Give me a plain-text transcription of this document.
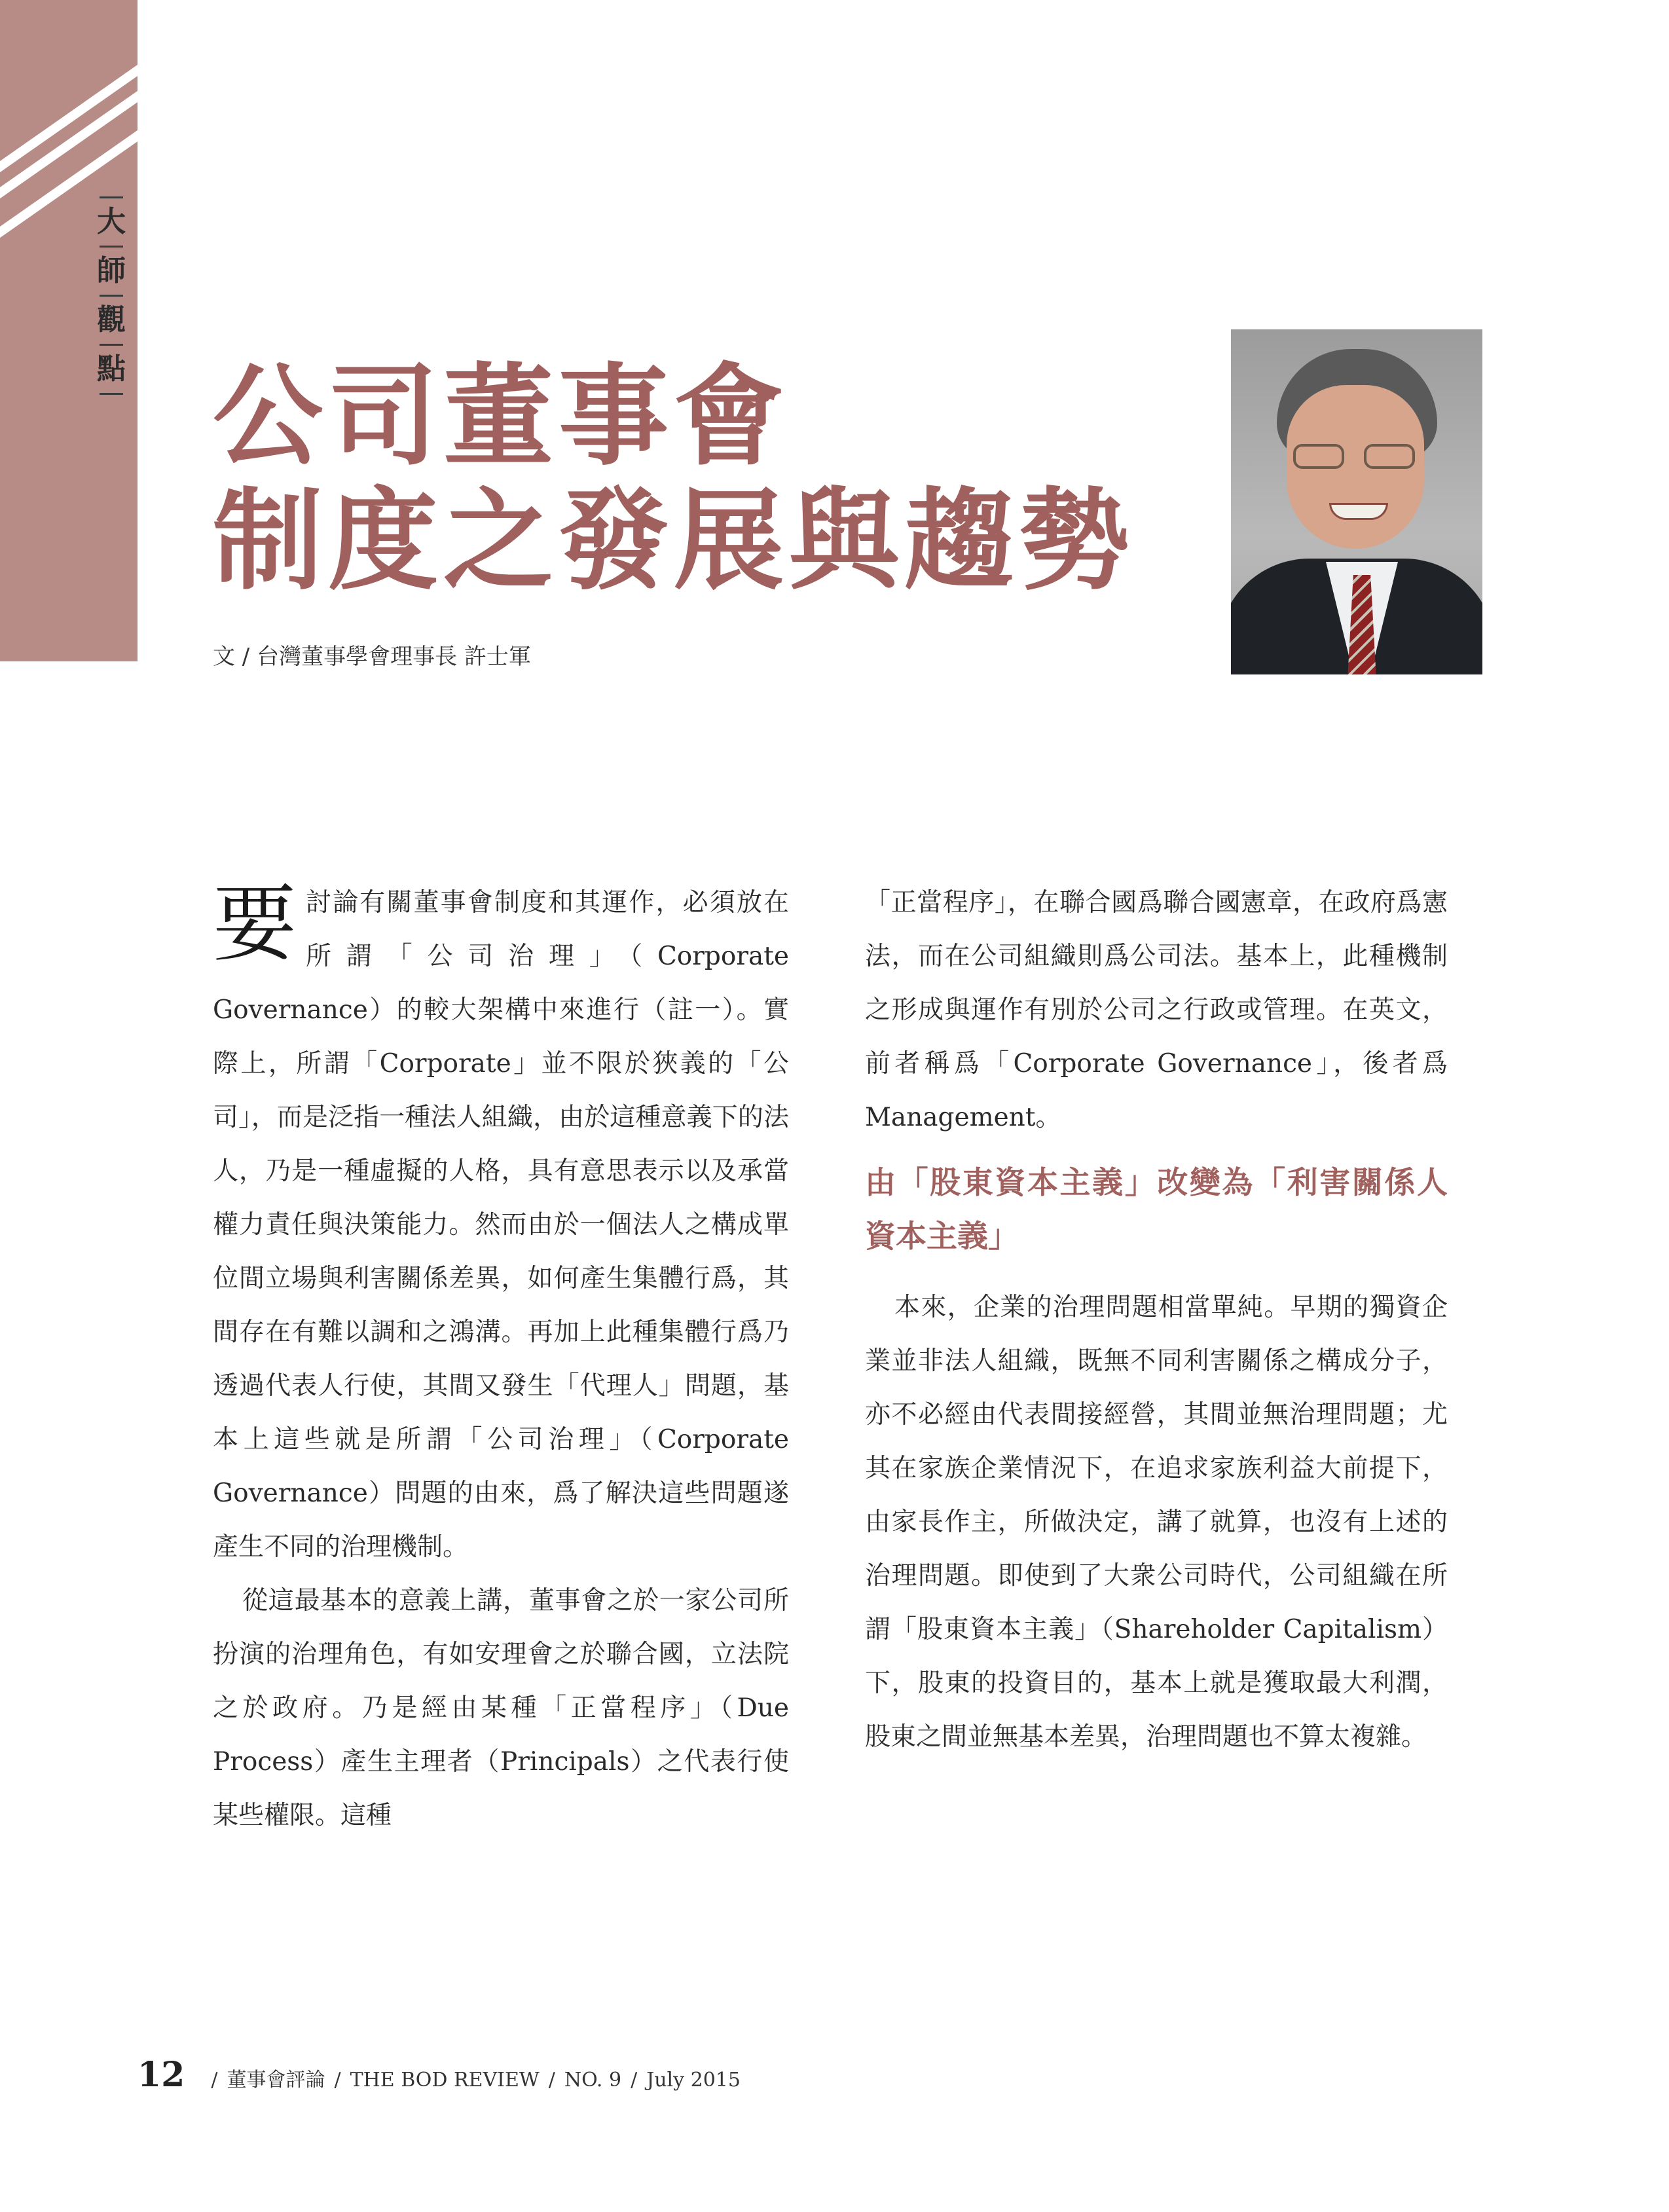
大
師
觀
點 公司董事會
制度之發展與趨勢
文 / 台灣董事學會理事長 許士軍

要討論有關董事會制度和其運作，必須放在所謂「公司治理」（Corporate Governance）的較大架構中來進行（註一）。實際上，所謂「Corporate」並不限於狹義的「公司」，而是泛指一種法人組織，由於這種意義下的法人，乃是一種虛擬的人格，具有意思表示以及承當權力責任與決策能力。然而由於一個法人之構成單位間立場與利害關係差異，如何產生集體行爲，其間存在有難以調和之鴻溝。再加上此種集體行爲乃透過代表人行使，其間又發生「代理人」問題，基本上這些就是所謂「公司治理」（Corporate Governance）問題的由來，爲了解決這些問題遂產生不同的治理機制。

從這最基本的意義上講，董事會之於一家公司所扮演的治理角色，有如安理會之於聯合國，立法院之於政府。乃是經由某種「正當程序」（Due Process）產生主理者（Principals）之代表行使某些權限。這種

「正當程序」，在聯合國爲聯合國憲章，在政府爲憲法，而在公司組織則爲公司法。基本上，此種機制之形成與運作有別於公司之行政或管理。在英文，前者稱爲「Corporate Governance」，後者爲 Management。

由「股東資本主義」改變為「利害關係人資本主義」

本來，企業的治理問題相當單純。早期的獨資企業並非法人組織，既無不同利害關係之構成分子，亦不必經由代表間接經營，其間並無治理問題；尤其在家族企業情況下，在追求家族利益大前提下，由家長作主，所做決定，講了就算，也沒有上述的治理問題。即使到了大衆公司時代，公司組織在所謂「股東資本主義」（Shareholder Capitalism）下，股東的投資目的，基本上就是獲取最大利潤，股東之間並無基本差異，治理問題也不算太複雜。

12 / 董事會評論 / THE BOD REVIEW / NO. 9 / July 2015
